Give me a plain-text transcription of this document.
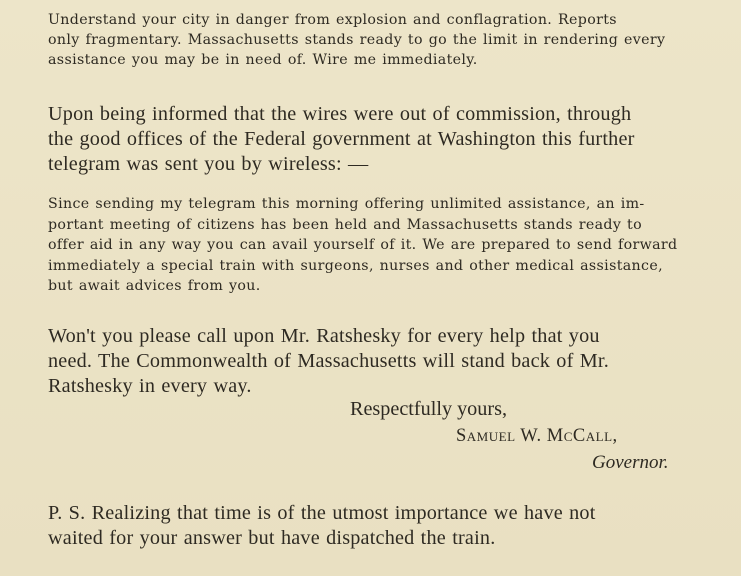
Understand your city in danger from explosion and conflagration. Reports
only fragmentary. Massachusetts stands ready to go the limit in rendering every
assistance you may be in need of. Wire me immediately.
Upon being informed that the wires were out of commission, through
the good offices of the Federal government at Washington this further
telegram was sent you by wireless: —
Since sending my telegram this morning offering unlimited assistance, an im-
portant meeting of citizens has been held and Massachusetts stands ready to
offer aid in any way you can avail yourself of it. We are prepared to send forward
immediately a special train with surgeons, nurses and other medical assistance,
but await advices from you.
Won't you please call upon Mr. Ratshesky for every help that you
need. The Commonwealth of Massachusetts will stand back of Mr.
Ratshesky in every way.
Respectfully yours,
Samuel W. McCall,
Governor.
P. S. Realizing that time is of the utmost importance we have not
waited for your answer but have dispatched the train.
